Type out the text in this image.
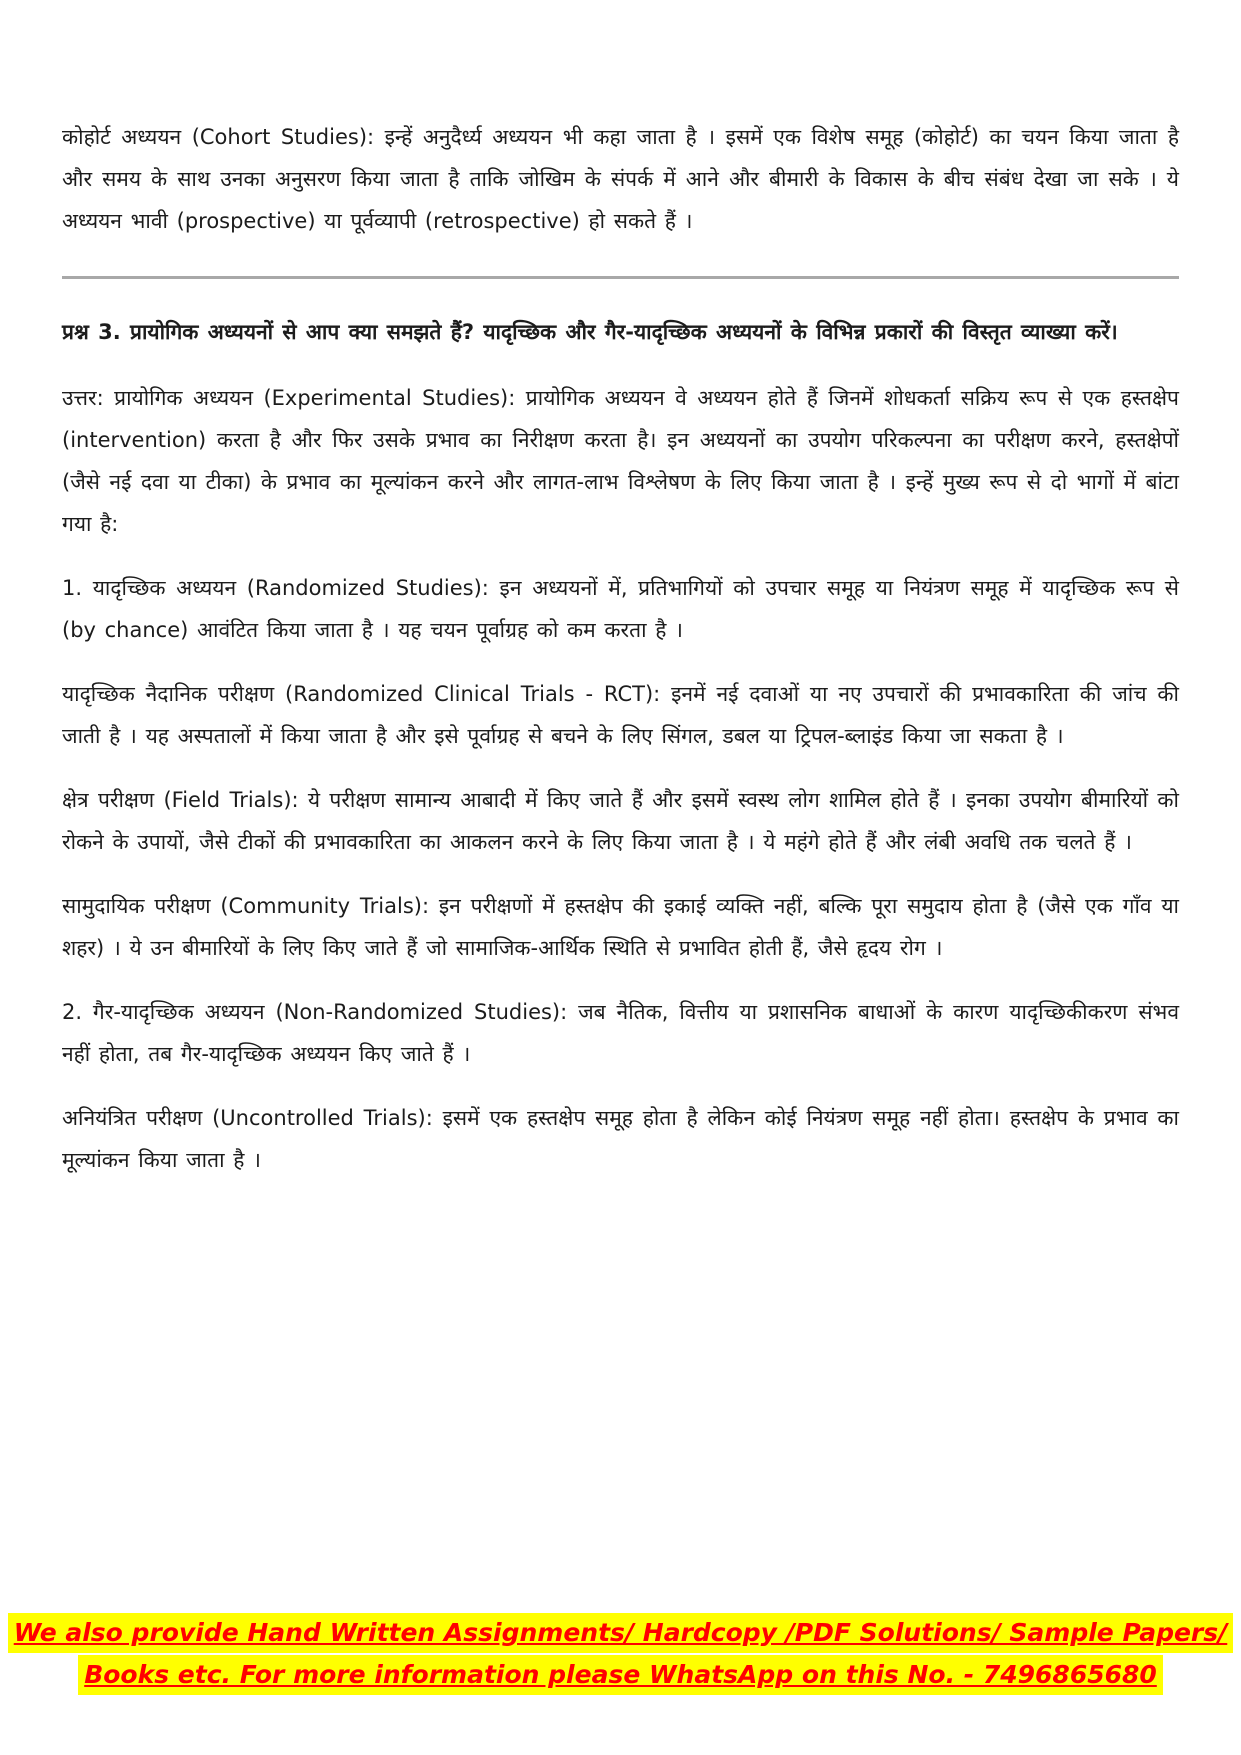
कोहोर्ट अध्ययन (Cohort Studies): इन्हें अनुदैर्ध्य अध्ययन भी कहा जाता है । इसमें एक विशेष समूह (कोहोर्ट) का चयन किया जाता है और समय के साथ उनका अनुसरण किया जाता है ताकि जोखिम के संपर्क में आने और बीमारी के विकास के बीच संबंध देखा जा सके । ये अध्ययन भावी (prospective) या पूर्वव्यापी (retrospective) हो सकते हैं ।

प्रश्न 3. प्रायोगिक अध्ययनों से आप क्या समझते हैं? यादृच्छिक और गैर-यादृच्छिक अध्ययनों के विभिन्न प्रकारों की विस्तृत व्याख्या करें।

उत्तर: प्रायोगिक अध्ययन (Experimental Studies): प्रायोगिक अध्ययन वे अध्ययन होते हैं जिनमें शोधकर्ता सक्रिय रूप से एक हस्तक्षेप (intervention) करता है और फिर उसके प्रभाव का निरीक्षण करता है। इन अध्ययनों का उपयोग परिकल्पना का परीक्षण करने, हस्तक्षेपों (जैसे नई दवा या टीका) के प्रभाव का मूल्यांकन करने और लागत-लाभ विश्लेषण के लिए किया जाता है । इन्हें मुख्य रूप से दो भागों में बांटा गया है:

1. यादृच्छिक अध्ययन (Randomized Studies): इन अध्ययनों में, प्रतिभागियों को उपचार समूह या नियंत्रण समूह में यादृच्छिक रूप से (by chance) आवंटित किया जाता है । यह चयन पूर्वाग्रह को कम करता है ।

यादृच्छिक नैदानिक परीक्षण (Randomized Clinical Trials - RCT): इनमें नई दवाओं या नए उपचारों की प्रभावकारिता की जांच की जाती है । यह अस्पतालों में किया जाता है और इसे पूर्वाग्रह से बचने के लिए सिंगल, डबल या ट्रिपल-ब्लाइंड किया जा सकता है ।

क्षेत्र परीक्षण (Field Trials): ये परीक्षण सामान्य आबादी में किए जाते हैं और इसमें स्वस्थ लोग शामिल होते हैं । इनका उपयोग बीमारियों को रोकने के उपायों, जैसे टीकों की प्रभावकारिता का आकलन करने के लिए किया जाता है । ये महंगे होते हैं और लंबी अवधि तक चलते हैं ।

सामुदायिक परीक्षण (Community Trials): इन परीक्षणों में हस्तक्षेप की इकाई व्यक्ति नहीं, बल्कि पूरा समुदाय होता है (जैसे एक गाँव या शहर) । ये उन बीमारियों के लिए किए जाते हैं जो सामाजिक-आर्थिक स्थिति से प्रभावित होती हैं, जैसे हृदय रोग ।

2. गैर-यादृच्छिक अध्ययन (Non-Randomized Studies): जब नैतिक, वित्तीय या प्रशासनिक बाधाओं के कारण यादृच्छिकीकरण संभव नहीं होता, तब गैर-यादृच्छिक अध्ययन किए जाते हैं ।

अनियंत्रित परीक्षण (Uncontrolled Trials): इसमें एक हस्तक्षेप समूह होता है लेकिन कोई नियंत्रण समूह नहीं होता। हस्तक्षेप के प्रभाव का मूल्यांकन किया जाता है ।

We also provide Hand Written Assignments/ Hardcopy /PDF Solutions/ Sample Papers/
Books etc. For more information please WhatsApp on this No. - 7496865680
